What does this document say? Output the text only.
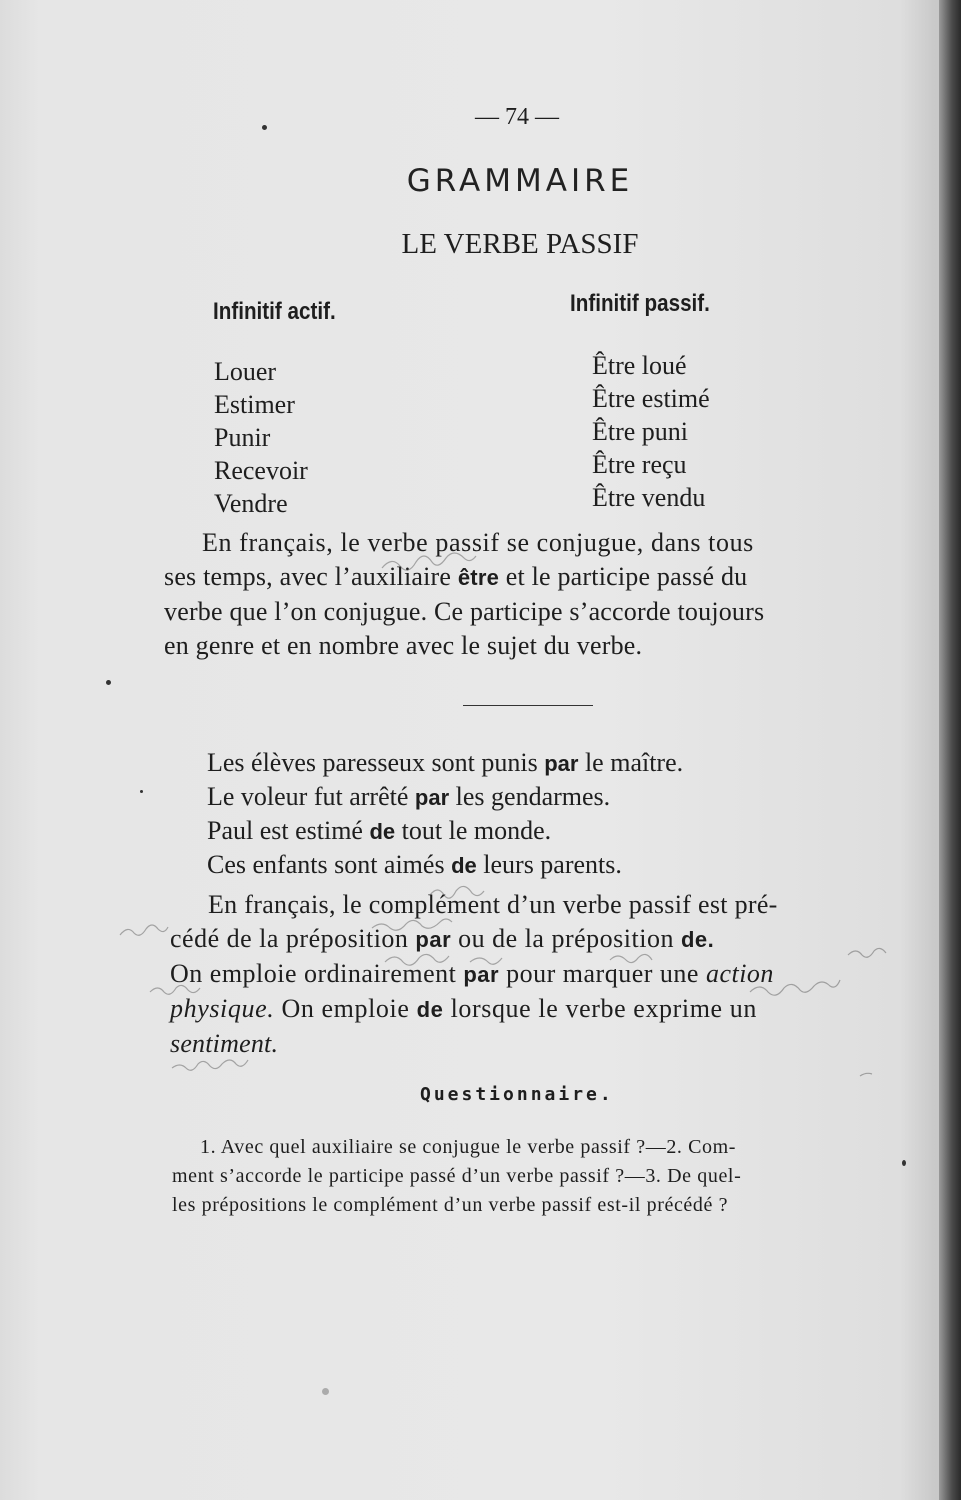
— 74 —
GRAMMAIRE
LE VERBE PASSIF
Infinitif actif.	Infinitif passif.
Louer
Estimer
Punir
Recevoir
Vendre
Être loué
Être estimé
Être puni
Être reçu
Être vendu

En français, le verbe passif se conjugue, dans tous
ses temps, avec l’auxiliaire être et le participe passé du
verbe que l’on conjugue. Ce participe s’accorde toujours
en genre et en nombre avec le sujet du verbe.

Les élèves paresseux sont punis par le maître.
Le voleur fut arrêté par les gendarmes.
Paul est estimé de tout le monde.
Ces enfants sont aimés de leurs parents.

En français, le complément d’un verbe passif est pré-
cédé de la préposition par ou de la préposition de.
On emploie ordinairement par pour marquer une action
physique. On emploie de lorsque le verbe exprime un
sentiment.

Questionnaire.

1. Avec quel auxiliaire se conjugue le verbe passif ?—2. Com-
ment s’accorde le participe passé d’un verbe passif ?—3. De quel-
les prépositions le complément d’un verbe passif est-il précédé ?
